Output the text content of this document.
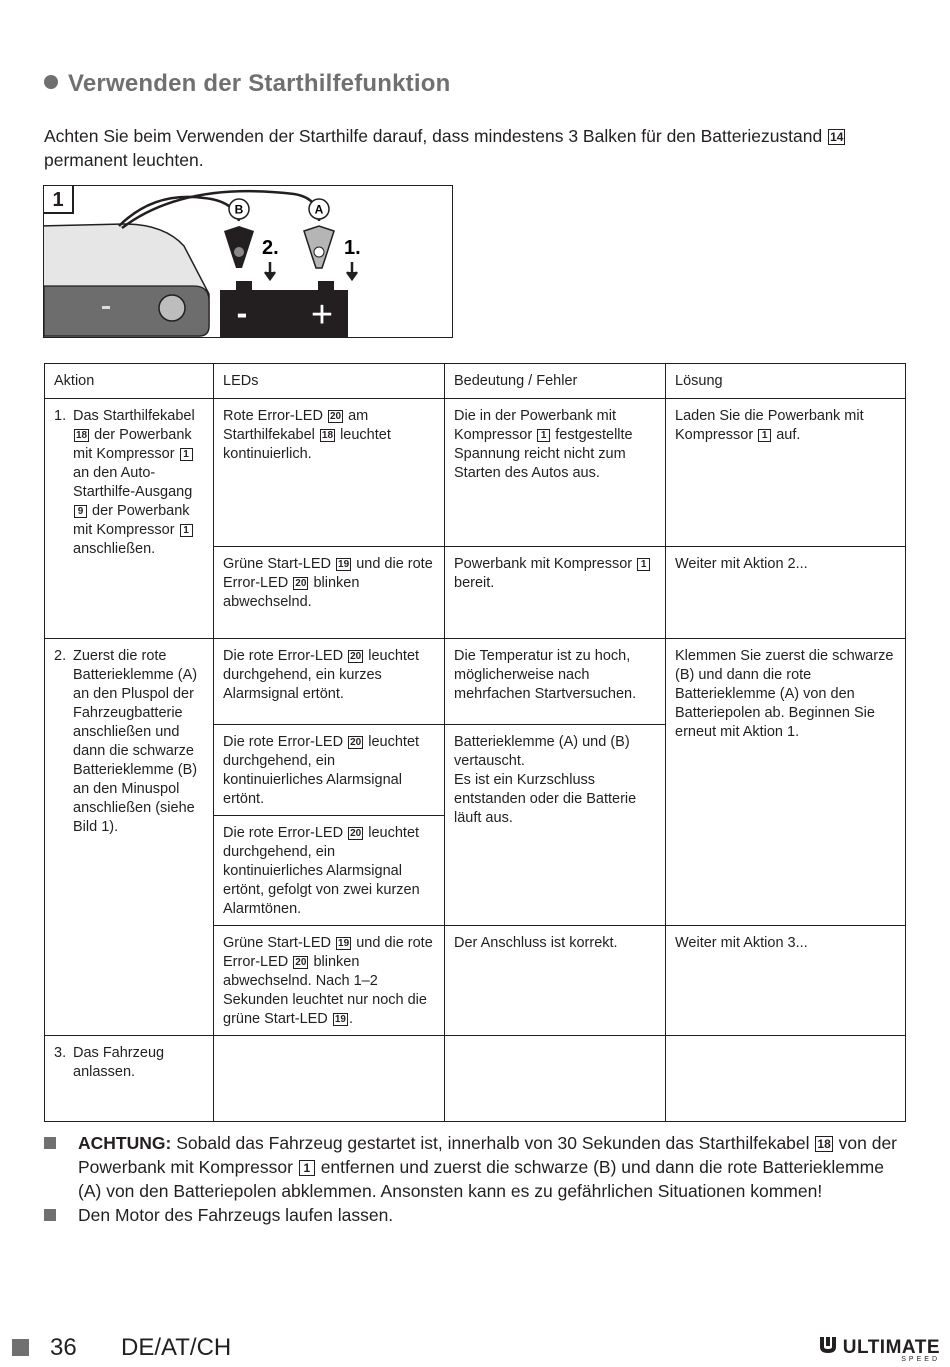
Verwenden der Starthilfefunktion
Achten Sie beim Verwenden der Starthilfe darauf, dass mindestens 3 Balken für den Batteriezustand 14 permanent leuchten.
1	B	A
2.	1.
- +
Aktion	LEDs	Bedeutung / Fehler	Lösung

1. Das Starthilfekabel 18 der Powerbank mit Kompressor 1 an den Auto-Starthilfe-Ausgang 9 der Powerbank mit Kompressor 1 anschließen.	Rote Error-LED 20 am Starthilfekabel 18 leuchtet kontinuierlich.	Die in der Powerbank mit Kompressor 1 festgestellte Spannung reicht nicht zum Starten des Autos aus.	Laden Sie die Powerbank mit Kompressor 1 auf.
	Grüne Start-LED 19 und die rote Error-LED 20 blinken abwechselnd.	Powerbank mit Kompressor 1 bereit.	Weiter mit Aktion 2...

2. Zuerst die rote Batterieklemme (A) an den Pluspol der Fahrzeugbatterie anschließen und dann die schwarze Batterieklemme (B) an den Minuspol anschließen (siehe Bild 1).	Die rote Error-LED 20 leuchtet durchgehend, ein kurzes Alarmsignal ertönt.	Die Temperatur ist zu hoch, möglicherweise nach mehrfachen Startversuchen.	Klemmen Sie zuerst die schwarze (B) und dann die rote Batterieklemme (A) von den Batteriepolen ab. Beginnen Sie erneut mit Aktion 1.
	Die rote Error-LED 20 leuchtet durchgehend, ein kontinuierliches Alarmsignal ertönt.	Batterieklemme (A) und (B) vertauscht.
Es ist ein Kurzschluss entstanden oder die Batterie läuft aus.	

	Die rote Error-LED 20 leuchtet durchgehend, ein kontinuierliches Alarmsignal ertönt, gefolgt von zwei kurzen Alarmtönen.		
	Grüne Start-LED 19 und die rote Error-LED 20 blinken abwechselnd. Nach 1–2 Sekunden leuchtet nur noch die grüne Start-LED 19 .	Der Anschluss ist korrekt.	Weiter mit Aktion 3...

3. Das Fahrzeug anlassen.			

ACHTUNG: Sobald das Fahrzeug gestartet ist, innerhalb von 30 Sekunden das Starthilfekabel 18 von der Powerbank mit Kompressor 1 entfernen und zuerst die schwarze (B) und dann die rote Batterieklemme (A) von den Batteriepolen abklemmen. Ansonsten kann es zu gefährlichen Situationen kommen!
Den Motor des Fahrzeugs laufen lassen.
36 DE/AT/CH	ULTIMATE
SPEED
